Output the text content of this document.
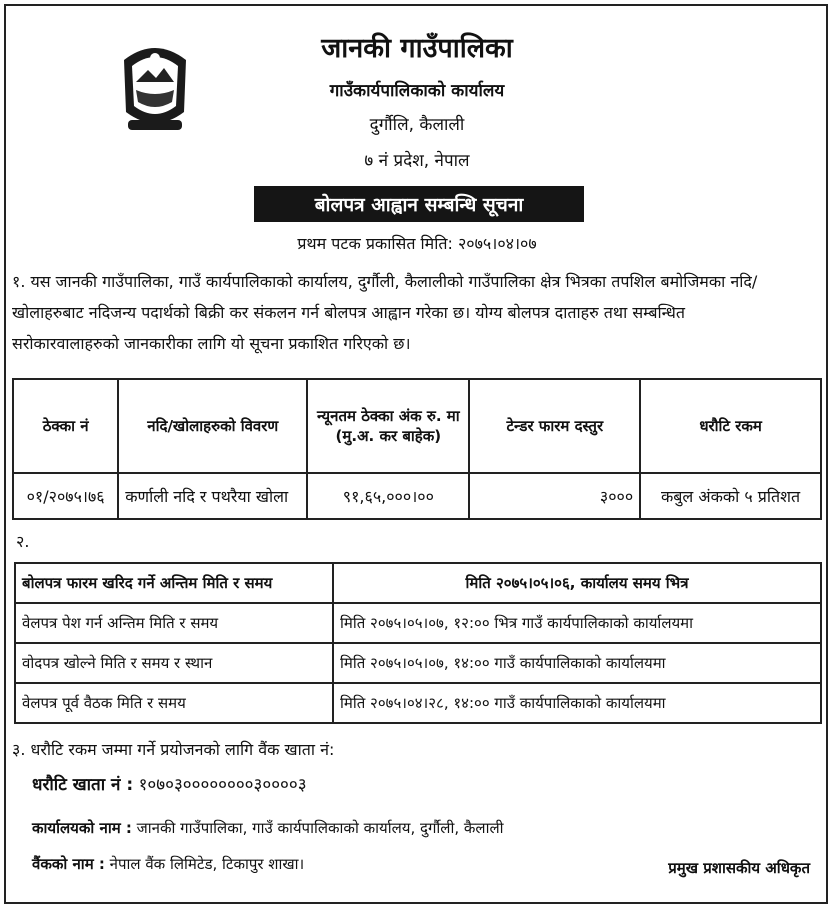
जानकी गाउँपालिका
गाउँकार्यपालिकाको कार्यालय
दुर्गौलि, कैलाली
७ नं प्रदेश, नेपाल
बोलपत्र आह्वान सम्बन्धि सूचना
प्रथम पटक प्रकासित मिति: २०७५।०४।०७

१. यस जानकी गाउँपालिका, गाउँ कार्यपालिकाको कार्यालय, दुर्गौली, कैलालीको गाउँपालिका क्षेत्र भित्रका तपशिल बमोजिमका नदि/
खोलाहरुबाट नदिजन्य पदार्थको बिक्री कर संकलन गर्न बोलपत्र आह्वान गरेका छ। योग्य बोलपत्र दाताहरु तथा सम्बन्धित
सरोकारवालाहरुको जानकारीका लागि यो सूचना प्रकाशित गरिएको छ।

ठेक्का नं	नदि/खोलाहरुको विवरण	न्यूनतम ठेक्का अंक रु. मा (मु.अ. कर बाहेक)	टेन्डर फारम दस्तुर	धरौटि रकम
०१/२०७५।७६	कर्णाली नदि र पथरैया खोला	९१,६५,०००।००	३०००	कबुल अंकको ५ प्रतिशत
२.
बोलपत्र फारम खरिद गर्ने अन्तिम मिति र समय	मिति २०७५।०५।०६, कार्यालय समय भित्र
वेलपत्र पेश गर्न अन्तिम मिति र समय	मिति २०७५।०५।०७, १२:०० भित्र गाउँ कार्यपालिकाको कार्यालयमा
वोदपत्र खोल्ने मिति र समय र स्थान	मिति २०७५।०५।०७, १४:०० गाउँ कार्यपालिकाको कार्यालयमा
वेलपत्र पूर्व वैठक मिति र समय	मिति २०७५।०४।२८, १४:०० गाउँ कार्यपालिकाको कार्यालयमा
३. धरौटि रकम जम्मा गर्ने प्रयोजनको लागि वैंक खाता नं:
धरौटि खाता नं : १०७०३००००००००३००००३
कार्यालयको नाम : जानकी गाउँपालिका, गाउँ कार्यपालिकाको कार्यालय, दुर्गौली, कैलाली
वैंकको नाम : नेपाल वैंक लिमिटेड, टिकापुर शाखा।	प्रमुख प्रशासकीय अधिकृत
